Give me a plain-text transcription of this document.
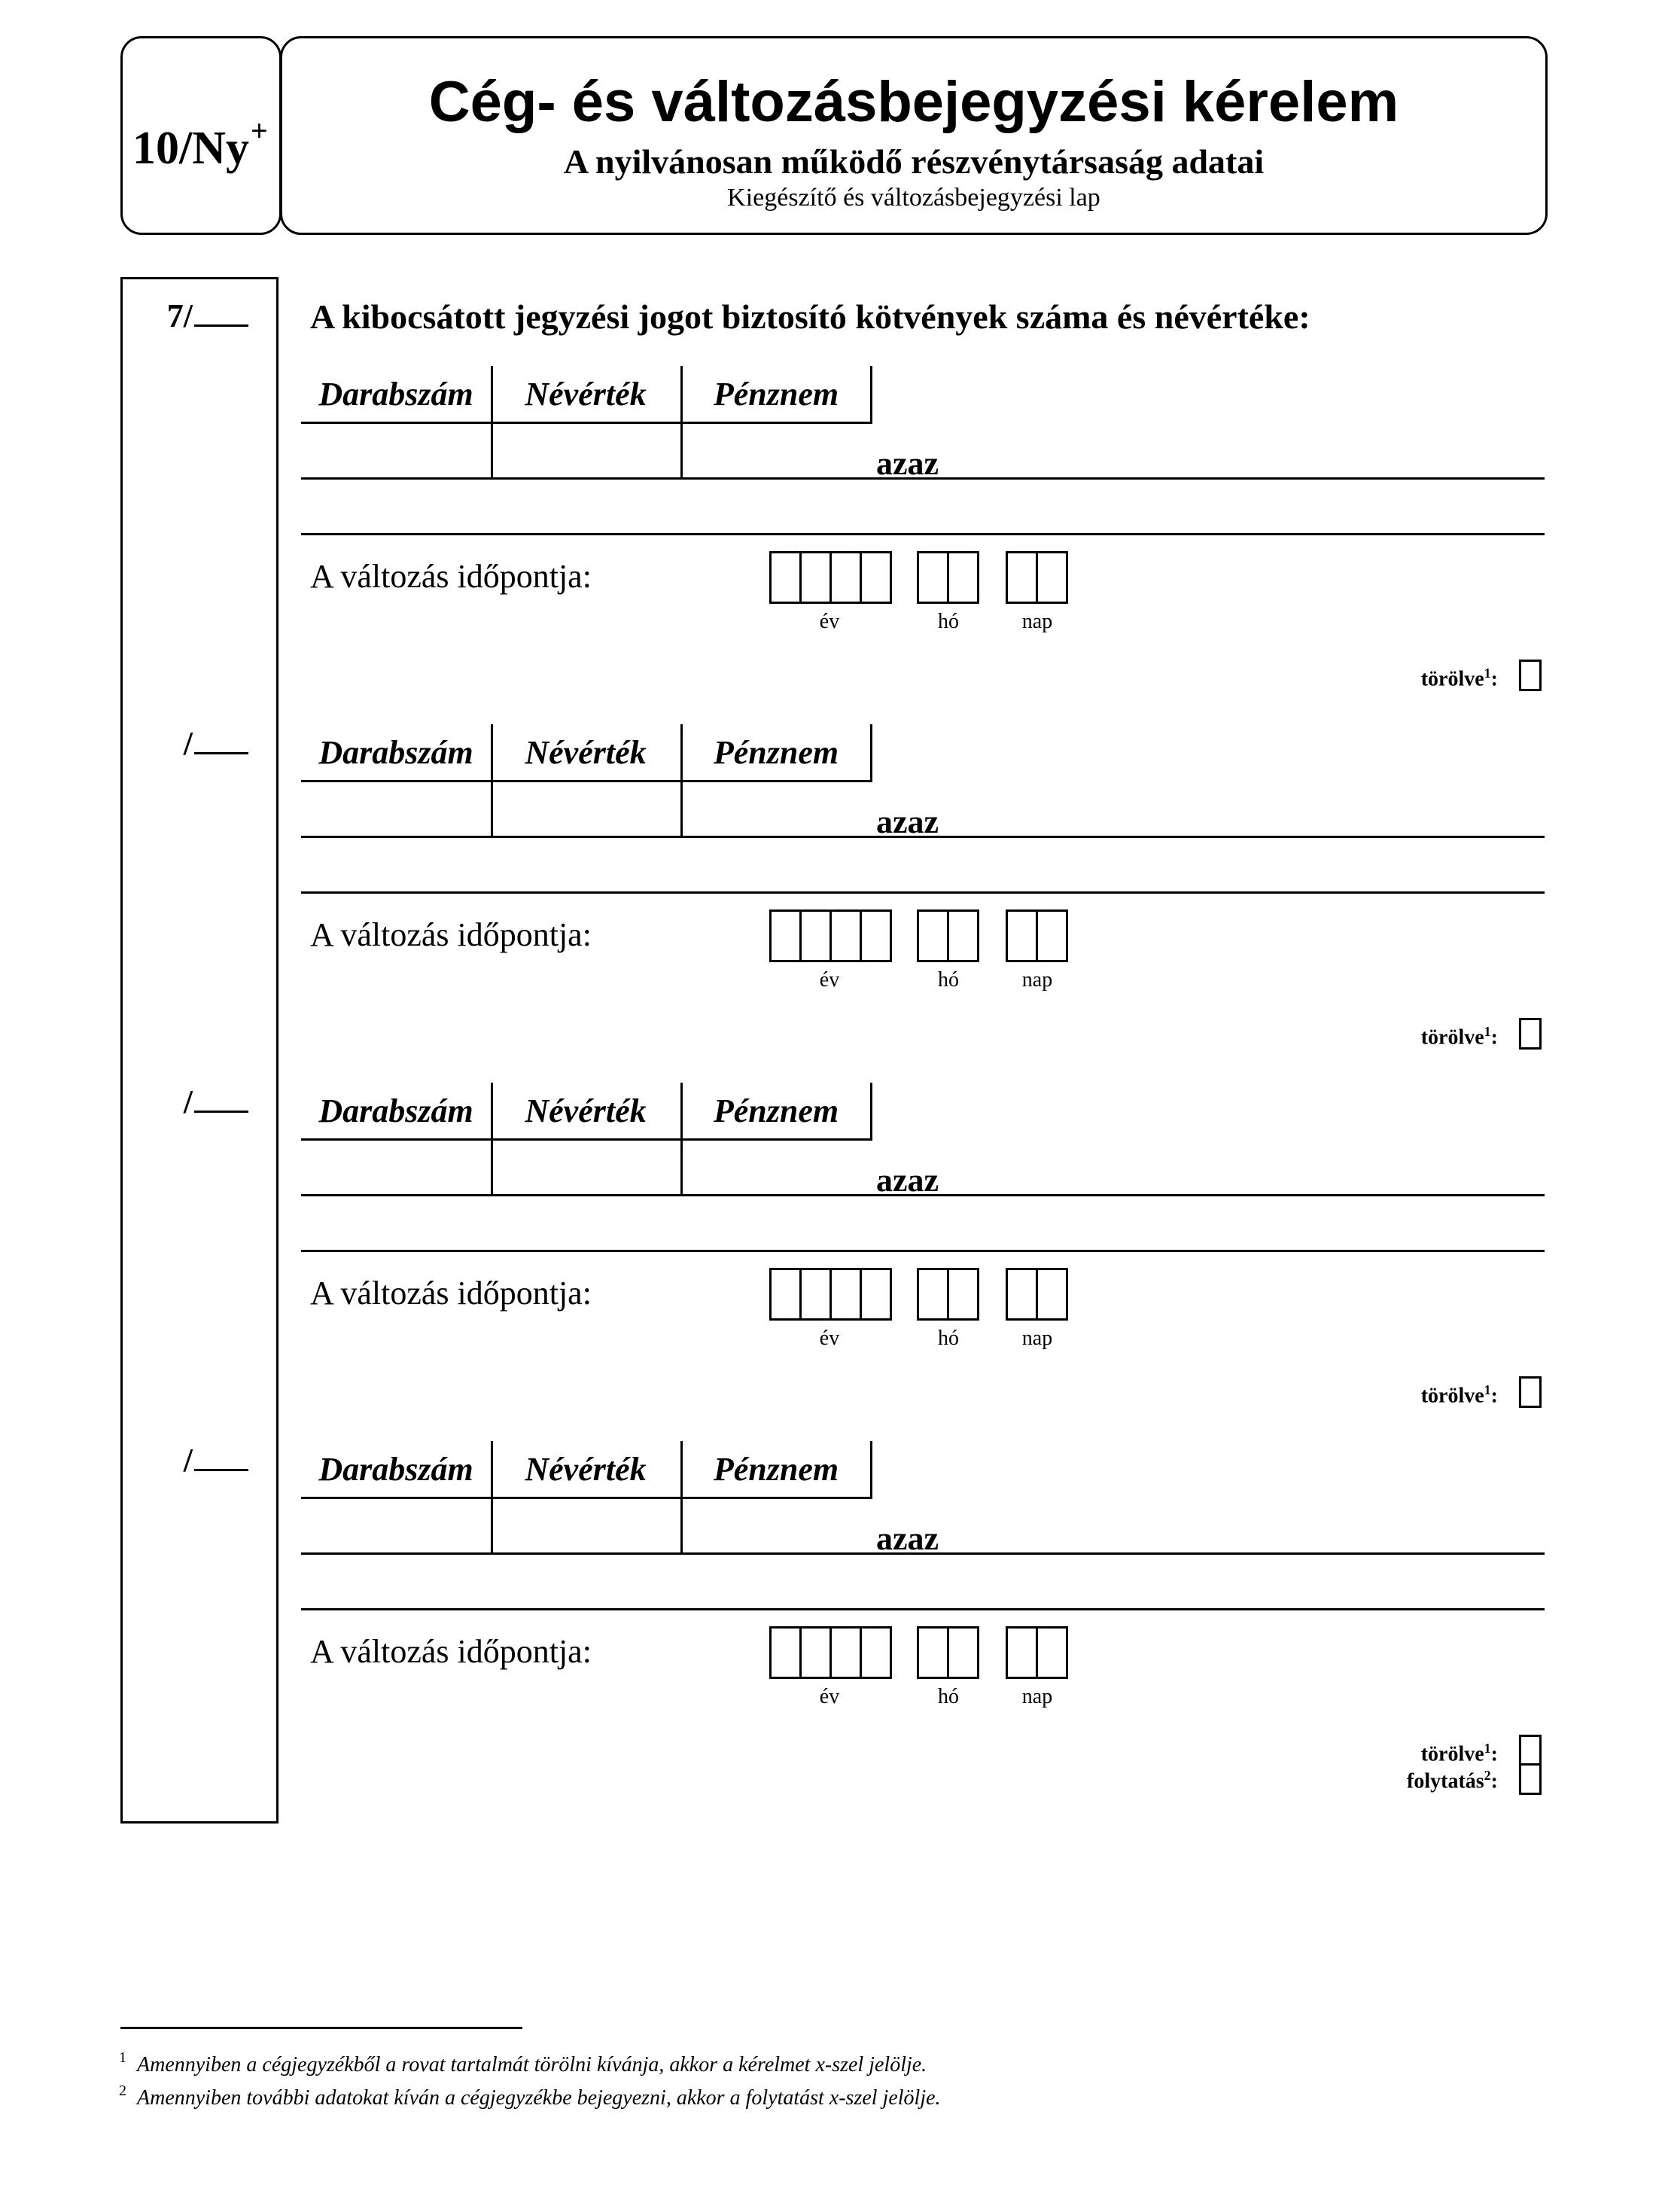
10/Ny+	Cég- és változásbejegyzési kérelem
A nyilvánosan működő részvénytársaság adatai
Kiegészítő és változásbejegyzési lap
A kibocsátott jegyzési jogot biztosító kötvények száma és névértéke:
7/
Darabszám	Névérték	Pénznem
azaz
A változás időpontja:
év	hó	nap
törölve$^1$:
/	Darabszám	Névérték	Pénznem
azaz
A változás időpontja:
év	hó	nap
törölve$^1$:
/	Darabszám	Névérték	Pénznem
azaz
A változás időpontja:
év	hó	nap
törölve$^1$:
/	Darabszám	Névérték	Pénznem
azaz
A változás időpontja:
év	hó	nap
törölve$^1$:
folytatás$^2$:
$^1$ Amennyiben a cégjegyzékből a rovat tartalmát törölni kívánja, akkor a kérelmet x-szel jelölje.
$^2$ Amennyiben további adatokat kíván a cégjegyzékbe bejegyezni, akkor a folytatást x-szel jelölje.
